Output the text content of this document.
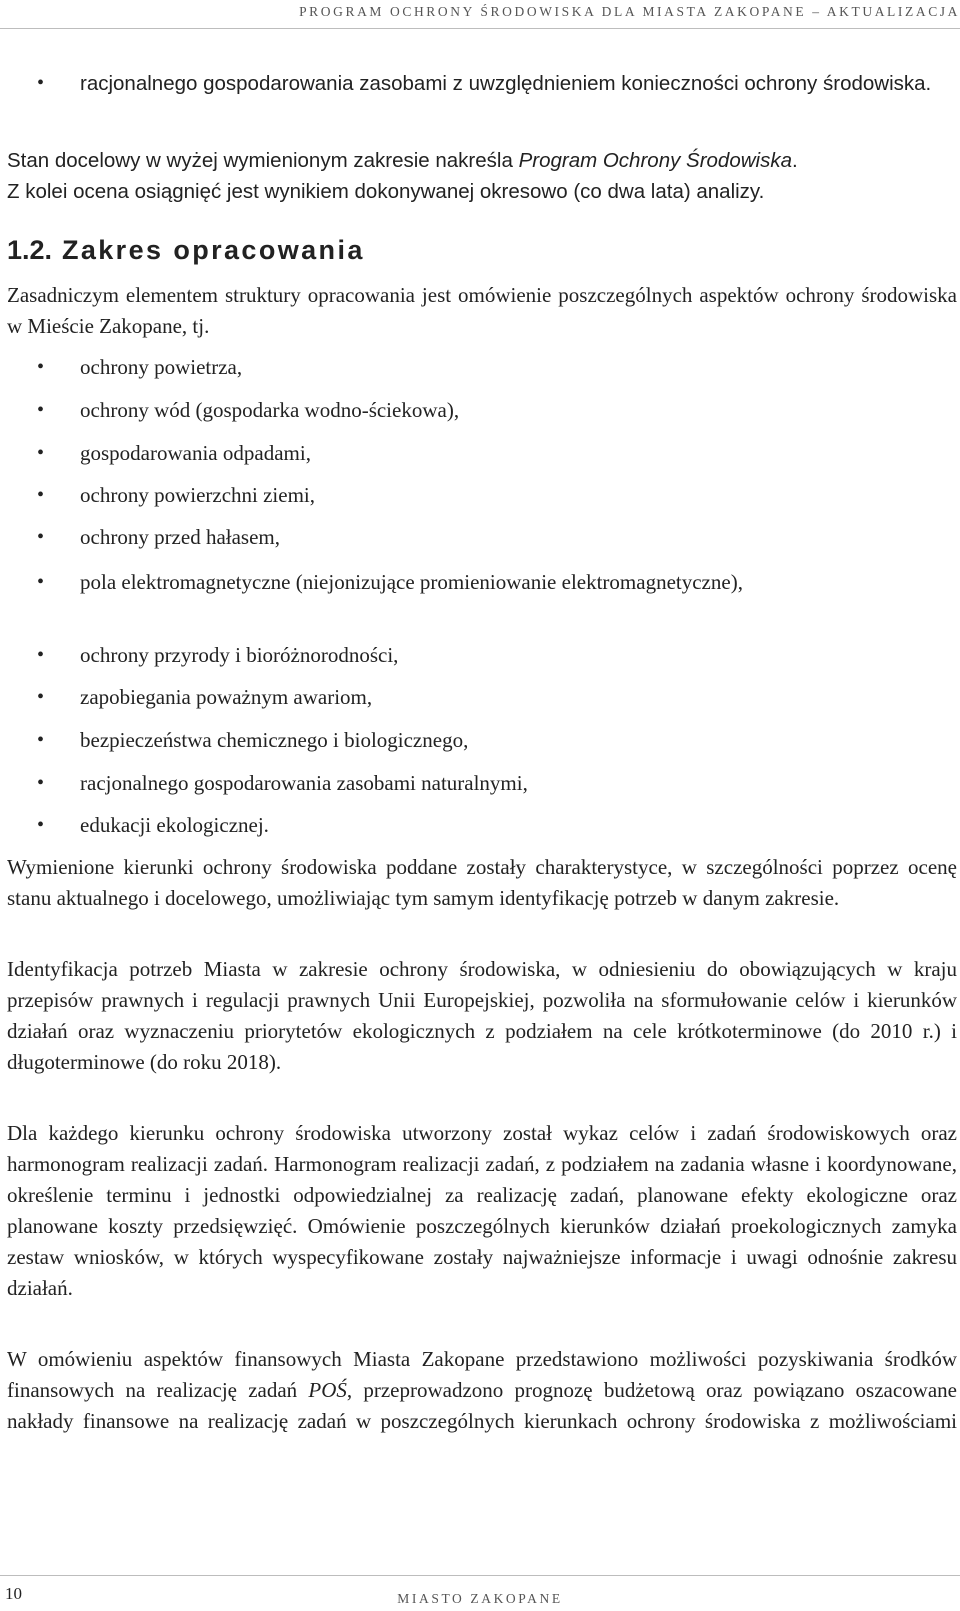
PROGRAM OCHRONY ŚRODOWISKA DLA MIASTA ZAKOPANE – AKTUALIZACJA
•	racjonalnego gospodarowania zasobami z uwzględnieniem konieczności ochrony środowiska.

Stan docelowy w wyżej wymienionym zakresie nakreśla Program Ochrony Środowiska.
Z kolei ocena osiągnięć jest wynikiem dokonywanej okresowo (co dwa lata) analizy.

1.2. Zakres opracowania

Zasadniczym elementem struktury opracowania jest omówienie poszczególnych aspektów ochrony środowiska w Mieście Zakopane, tj.

•	ochrony powietrza,
•	ochrony wód (gospodarka wodno-ściekowa),
•	gospodarowania odpadami,
•	ochrony powierzchni ziemi,
•	ochrony przed hałasem,
•	pola elektromagnetyczne (niejonizujące promieniowanie elektromagnetyczne),
•	ochrony przyrody i bioróżnorodności,
•	zapobiegania poważnym awariom,
•	bezpieczeństwa chemicznego i biologicznego,
•	racjonalnego gospodarowania zasobami naturalnymi,
•	edukacji ekologicznej.

Wymienione kierunki ochrony środowiska poddane zostały charakterystyce, w szczególności poprzez ocenę stanu aktualnego i docelowego, umożliwiając tym samym identyfikację potrzeb w danym zakresie.

Identyfikacja potrzeb Miasta w zakresie ochrony środowiska, w odniesieniu do obowiązujących w kraju przepisów prawnych i regulacji prawnych Unii Europejskiej, pozwoliła na sformułowanie celów i kierunków działań oraz wyznaczeniu priorytetów ekologicznych z podziałem na cele krótkoterminowe (do 2010 r.) i długoterminowe (do roku 2018).

Dla każdego kierunku ochrony środowiska utworzony został wykaz celów i zadań środowiskowych oraz harmonogram realizacji zadań. Harmonogram realizacji zadań, z podziałem na zadania własne i koordynowane, określenie terminu i jednostki odpowiedzialnej za realizację zadań, planowane efekty ekologiczne oraz planowane koszty przedsięwzięć. Omówienie poszczególnych kierunków działań proekologicznych zamyka zestaw wniosków, w których wyspecyfikowane zostały najważniejsze informacje i uwagi odnośnie zakresu działań.

W omówieniu aspektów finansowych Miasta Zakopane przedstawiono możliwości pozyskiwania środków finansowych na realizację zadań POŚ, przeprowadzono prognozę budżetową oraz powiązano oszacowane nakłady finansowe na realizację zadań w poszczególnych kierunkach ochrony środowiska z możliwościami

10	MIASTO ZAKOPANE
